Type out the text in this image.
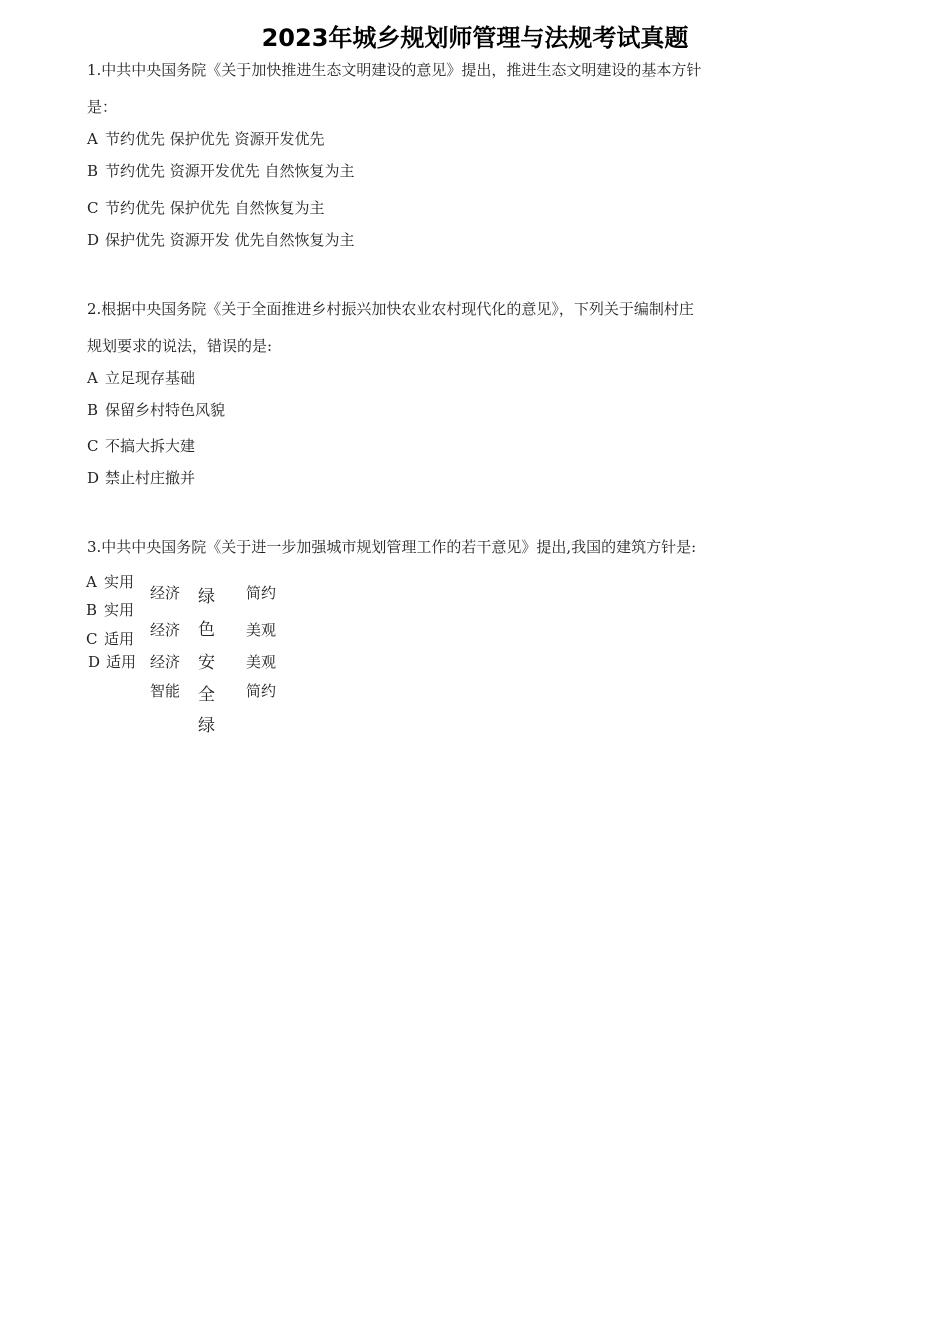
2023年城乡规划师管理与法规考试真题
1.中共中央国务院《关于加快推进生态文明建设的意见》提出，推进生态文明建设的基本方针
是：
A 节约优先 保护优先 资源开发优先
B 节约优先 资源开发优先 自然恢复为主
C 节约优先 保护优先 自然恢复为主
D 保护优先 资源开发 优先自然恢复为主
2.根据中央国务院《关于全面推进乡村振兴加快农业农村现代化的意见》，下列关于编制村庄
规划要求的说法，错误的是:
A 立足现存基础
B 保留乡村特色风貌
C 不搞大拆大建
D 禁止村庄撤并
3.中共中央国务院《关于进一步加强城市规划管理工作的若干意见》提出,我国的建筑方针是:
A 实用
B 实用
C 适用
D 适用
经济
经济
经济
智能
绿
色
安
全
绿
简约
美观
美观
简约
